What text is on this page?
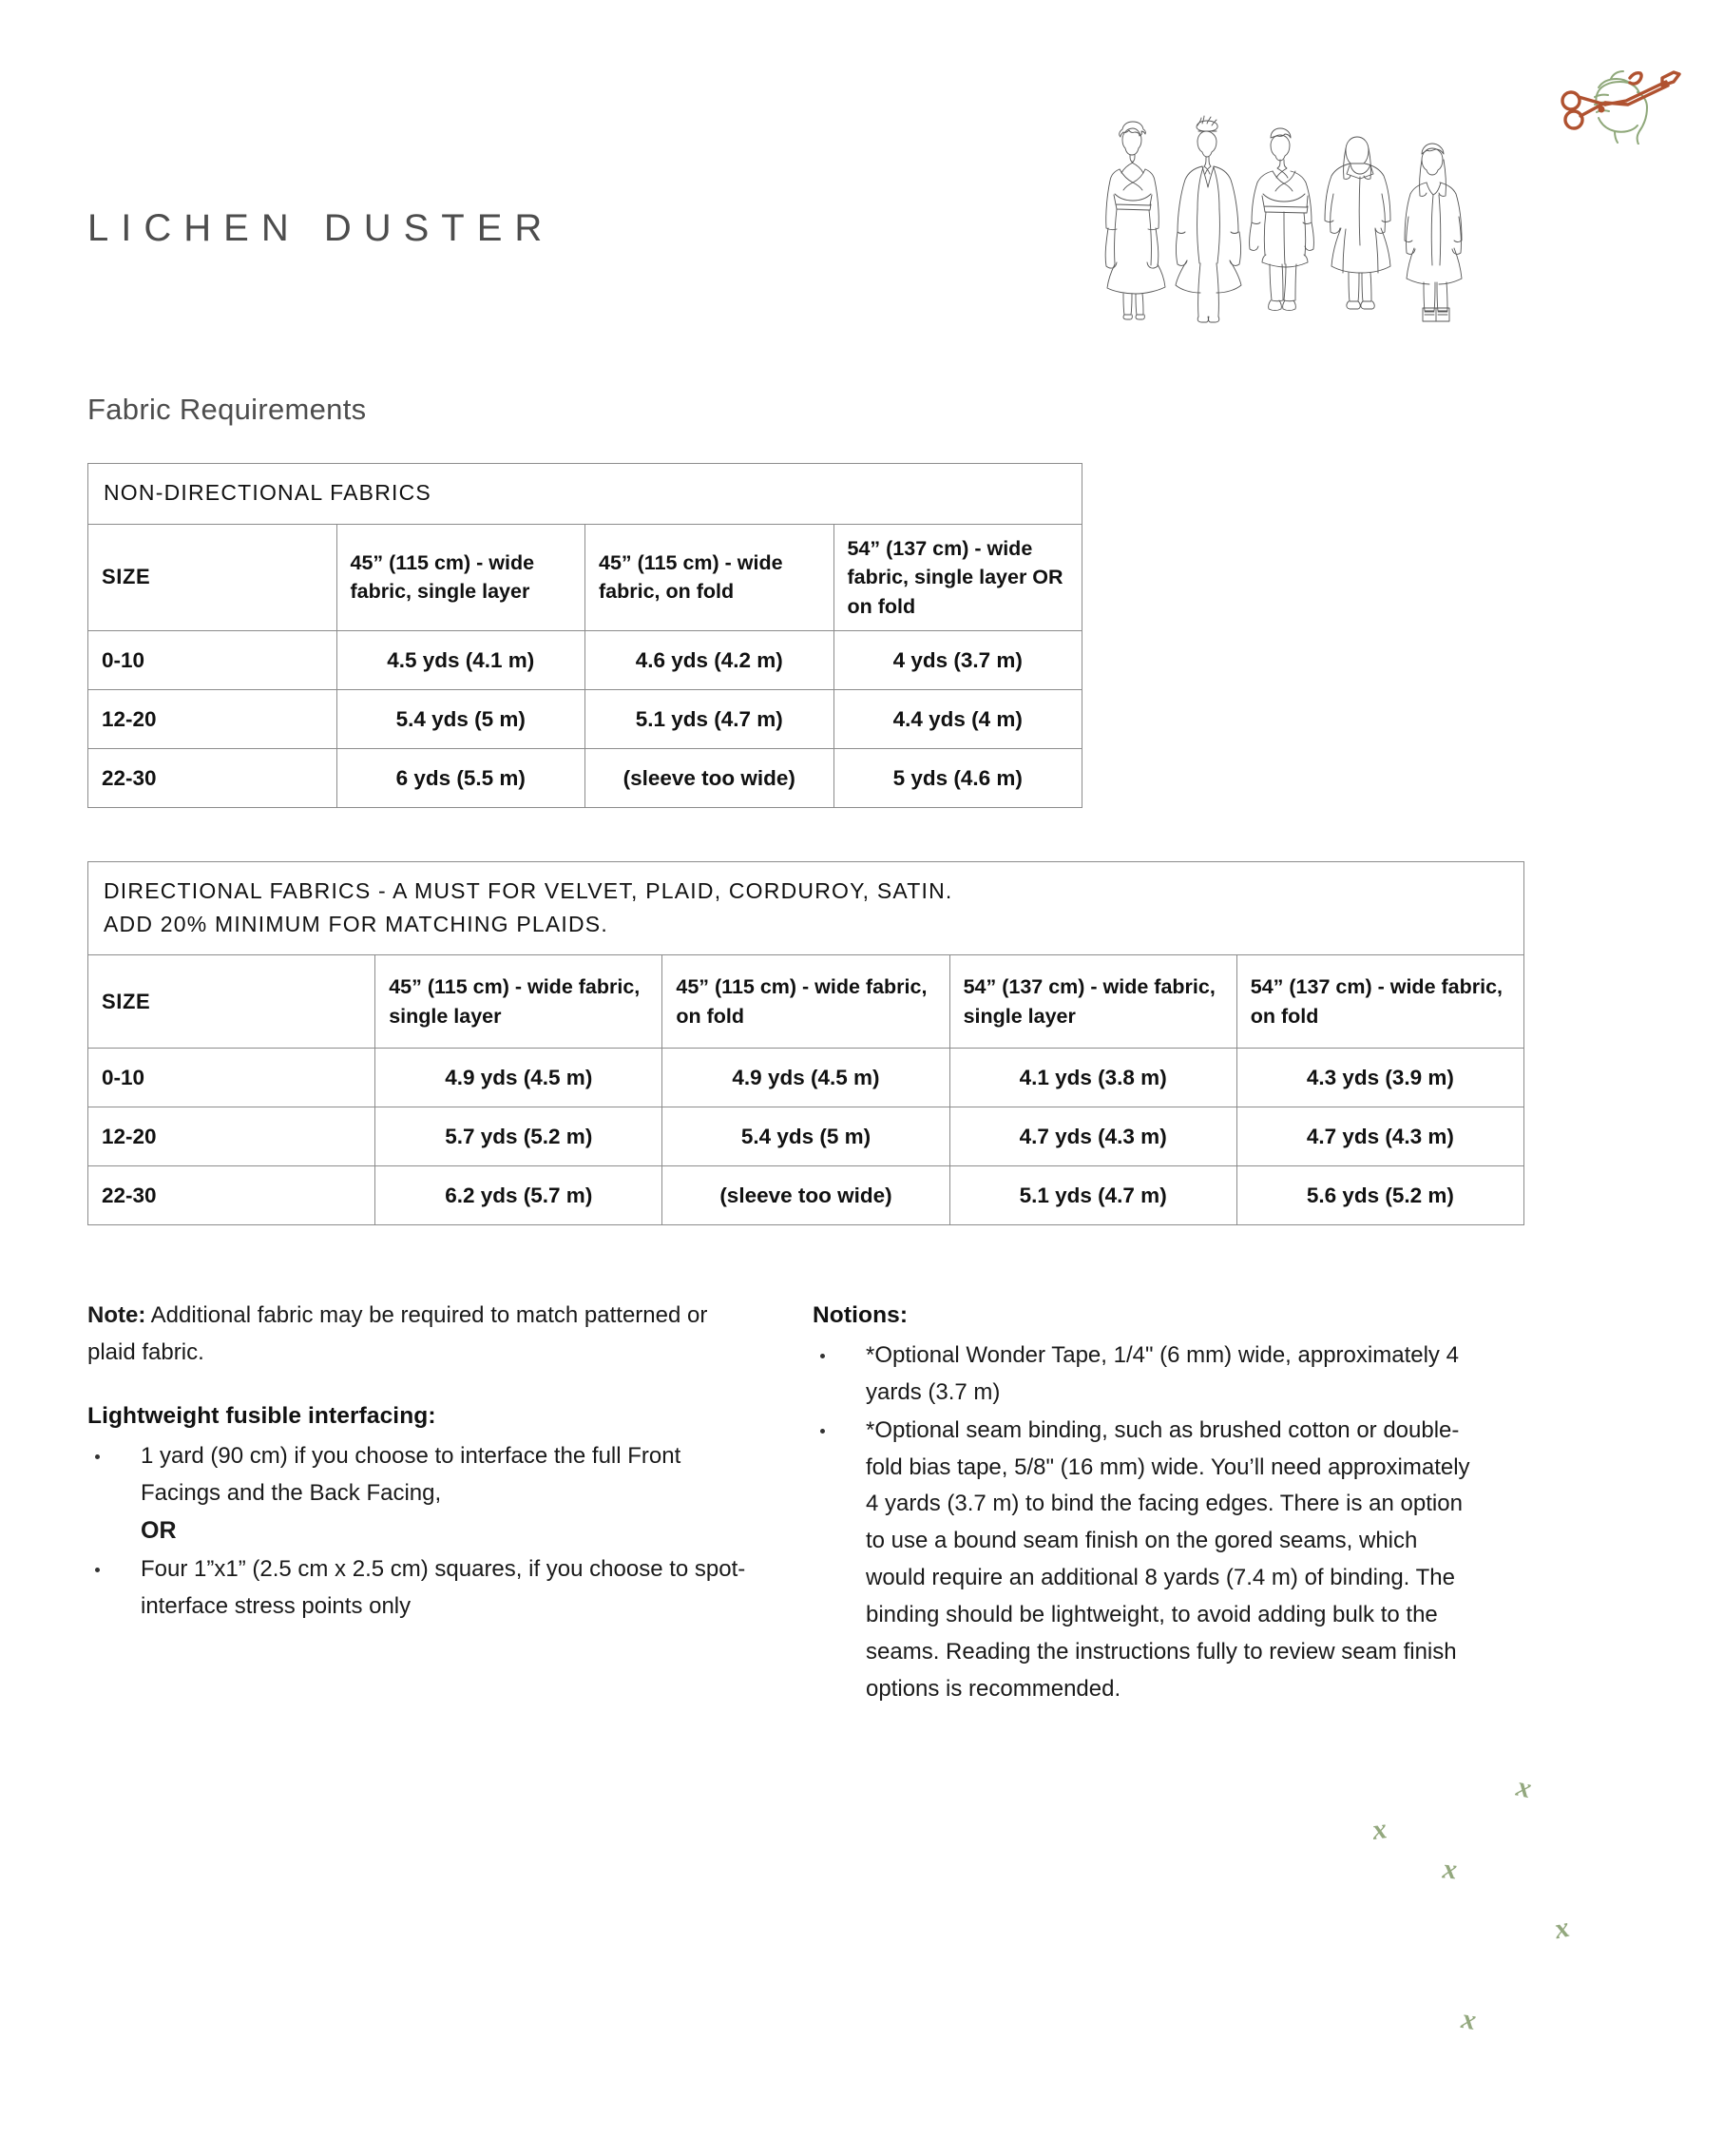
LICHEN DUSTER
Fabric Requirements
NON-DIRECTIONAL FABRICS			
SIZE	45” (115 cm) - wide fabric, single layer	45” (115 cm) - wide fabric, on fold	54” (137 cm) - wide fabric, single layer OR on fold
0-10	4.5 yds (4.1 m)	4.6 yds (4.2 m)	4 yds (3.7 m)
12-20	5.4 yds (5 m)	5.1 yds (4.7 m)	4.4 yds (4 m)
22-30	6 yds (5.5 m)	(sleeve too wide)	5 yds (4.6 m)
DIRECTIONAL FABRICS - A MUST FOR VELVET, PLAID, CORDUROY, SATIN.
ADD 20% MINIMUM FOR MATCHING PLAIDS.				

SIZE	45” (115 cm) - wide fabric, single layer	45” (115 cm) - wide fabric, on fold	54” (137 cm) - wide fabric, single layer	54” (137 cm) - wide fabric, on fold
0-10	4.9 yds (4.5 m)	4.9 yds (4.5 m)	4.1 yds (3.8 m)	4.3 yds (3.9 m)
12-20	5.7 yds (5.2 m)	5.4 yds (5 m)	4.7 yds (4.3 m)	4.7 yds (4.3 m)
22-30	6.2 yds (5.7 m)	(sleeve too wide)	5.1 yds (4.7 m)	5.6 yds (5.2 m)

Note: Additional fabric may be required to match patterned or plaid fabric.

Lightweight fusible interfacing:

1 yard (90 cm) if you choose to interface the full Front Facings and the Back Facing,
OR
Four 1”x1” (2.5 cm x 2.5 cm) squares, if you choose to spot-interface stress points only

Notions:

*Optional Wonder Tape, 1/4" (6 mm) wide, approximately 4 yards (3.7 m)
*Optional seam binding, such as brushed cotton or double-fold bias tape, 5/8" (16 mm) wide. You’ll need approximately 4 yards (3.7 m) to bind the facing edges. There is an option to use a bound seam finish on the gored seams, which would require an additional 8 yards (7.4 m) of binding. The binding should be lightweight, to avoid adding bulk to the seams. Reading the instructions fully to review seam finish options is recommended.
x
x
x
x
x
